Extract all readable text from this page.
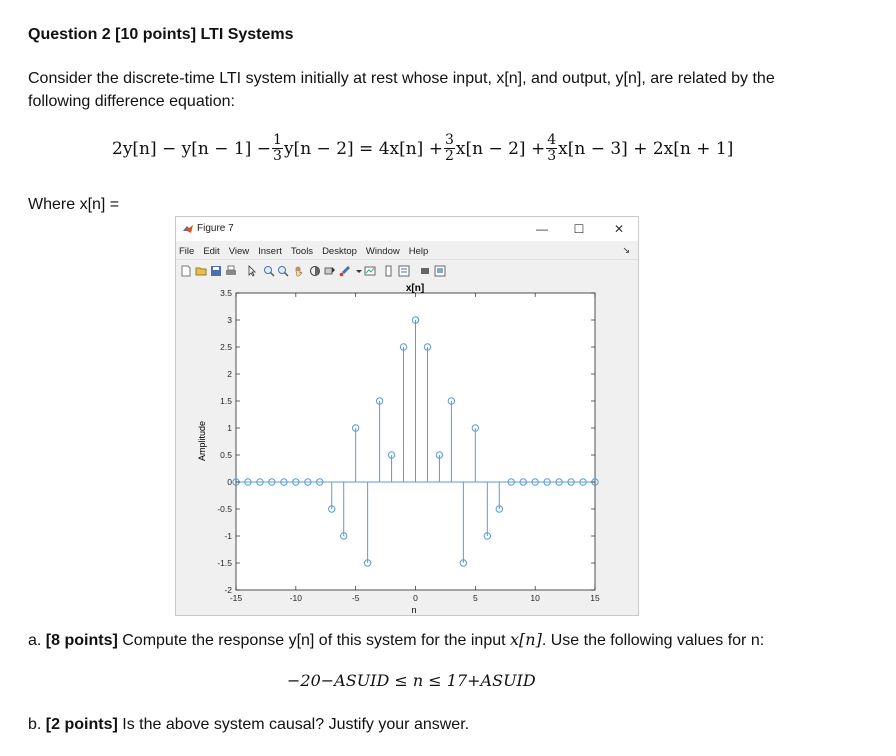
Question 2 [10 points] LTI Systems
Consider the discrete-time LTI system initially at rest whose input, x[n], and output, y[n], are related by the following difference equation:
$2y[n] - y[n - 1] - \frac{1}{3} y[n - 2] = 4x[n] + \frac{3}{2} x[n - 2] + \frac{4}{3} x[n - 3] + 2x[n + 1]$
Where x[n] =
Figure 7	—	☐	✕
File Edit View Insert Tools Desktop Window Help	↘
-2
-1.5
-1
-0.5
0
0.5
1
1.5
2
2.5
3
3.5
-15	-10	-5	0	5	10	15
x[n]
n
Amplitude
a. [8 points] Compute the response y[n] of this system for the input x[n]. Use the following values for n:
−20−ASUID ≤ n ≤ 17+ASUID
b. [2 points] Is the above system causal? Justify your answer.
